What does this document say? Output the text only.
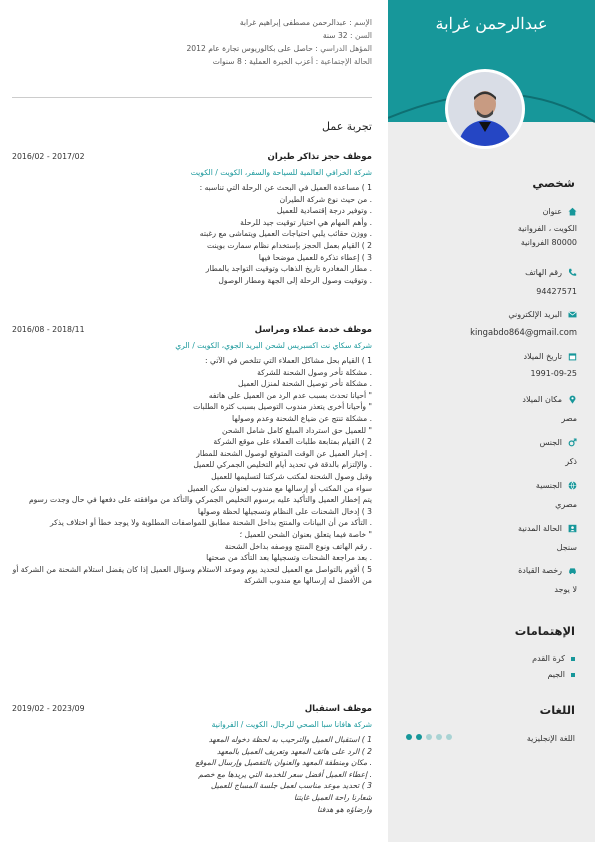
عبدالرحمن غرابة
شخصي
عنوان
الكويت ، الفروانية
80000 الفروانية
رقم الهاتف
94427571
البريد الإلكتروني
kingabdo864@gmail.com
تاريخ الميلاد
1991-09-25
مكان الميلاد
مصر
الجنس
ذكر
الجنسية
مصري
الحالة المدنية
سنجل
رخصة القيادة
لا يوجد
الإهتمامات
كرة القدم
الجيم
اللغات
اللغة الإنجليزية
الإسم : عبدالرحمن مصطفى إبراهيم غرابة
السن : 32 سنة
المؤهل الدراسي : حاصل على بكالوريوس تجارة عام 2012
الحالة الإجتماعية : أعزب الخبرة العملية : 8 سنوات
تجربة عمل
موظف حجز تذاكر طيران
2016/02 - 2017/02
شركة الخرافي العالمية للسياحة والسفر، الكويت / الكويت
1 ) مساعدة العميل في البحث عن الرحلة التي تناسبه :
. من حيث نوع شركة الطيران
. وتوفير درجة إقتصادية للعميل
. وأهم المهام هي اختيار توقيت جيد للرحلة
. ووزن حقائب يلبي احتياجات العميل ويتماشى مع رغبته
2 ) القيام بعمل الحجز بإستخدام نظام سمارت بوينت
3 ) إعطاء تذكرة للعميل موضحا فيها
. مطار المغادرة تاريخ الذهاب وتوقيت التواجد بالمطار
. وتوقيت وصول الرحلة إلى الجهة ومطار الوصول
موظف خدمة عملاء ومراسل
2016/08 - 2018/11
شركة سكاي نت اكسبريس لشحن البريد الجوي، الكويت / الري
1 ) القيام بحل مشاكل العملاء التي تتلخص في الآتي :
. مشكلة تأخر وصول الشحنة للشركة
. مشكلة تأخر توصيل الشحنة لمنزل العميل
" أحيانا تحدث بسبب عدم الرد من العميل على هاتفه
" وأحيانا أخرى يتعذر مندوب التوصيل بسبب كثرة الطلبات
. مشكلة تنتج عن ضياع الشحنة وعدم وصولها
" للعميل حق استرداد المبلغ كامل شامل الشحن
2 ) القيام بمتابعة طلبات العملاء على موقع الشركة
. إخبار العميل عن الوقت المتوقع لوصول الشحنة للمطار
. والإلتزام بالدقة في تحديد أيام التخليص الجمركي للعميل
وقبل وصول الشحنة لمكتب شركتنا لتسليمها للعميل
سواء من المكتب أو إرسالها مع مندوب لعنوان سكن العميل
يتم إخطار العميل والتأكيد عليه برسوم التخليص الجمركي والتأكد من موافقته على دفعها في حال وجدت رسوم
3 ) إدخال الشحنات على النظام وتسجيلها لحظة وصولها
. التأكد من أن البيانات والمنتج بداخل الشحنة مطابق للمواصفات المطلوبة ولا يوجد خطأ أو اختلاف يذكر
" خاصة فيما يتعلق بعنوان الشحن للعميل ؛
. رقم الهاتف ونوع المنتج ووصفه بداخل الشحنة
. بعد مراجعة الشحنات وتسجيلها بعد التأكد من صحتها
5 ) أقوم بالتواصل مع العميل لتحديد يوم وموعد الاستلام وسؤال العميل إذا كان يفضل استلام الشحنة من الشركة أو من الأفضل له إرسالها مع مندوب الشركة
موظف استقبال
2019/02 - 2023/09
شركة هافانا سبا الصحي للرجال، الكويت / الفروانية
1 ) استقبال العميل والترحيب به لحظة دخوله المعهد
2 ) الرد على هاتف المعهد وتعريف العميل بالمعهد
. مكان ومنطقة المعهد والعنوان بالتفصيل وإرسال الموقع
. إعطاء العميل أفضل سعر للخدمة التي يريدها مع خصم
3 ) تحديد موعد مناسب لعمل جلسة المساج للعميل
شعارنا راحة العميل غايتنا
وارضاؤه هو هدفنا
